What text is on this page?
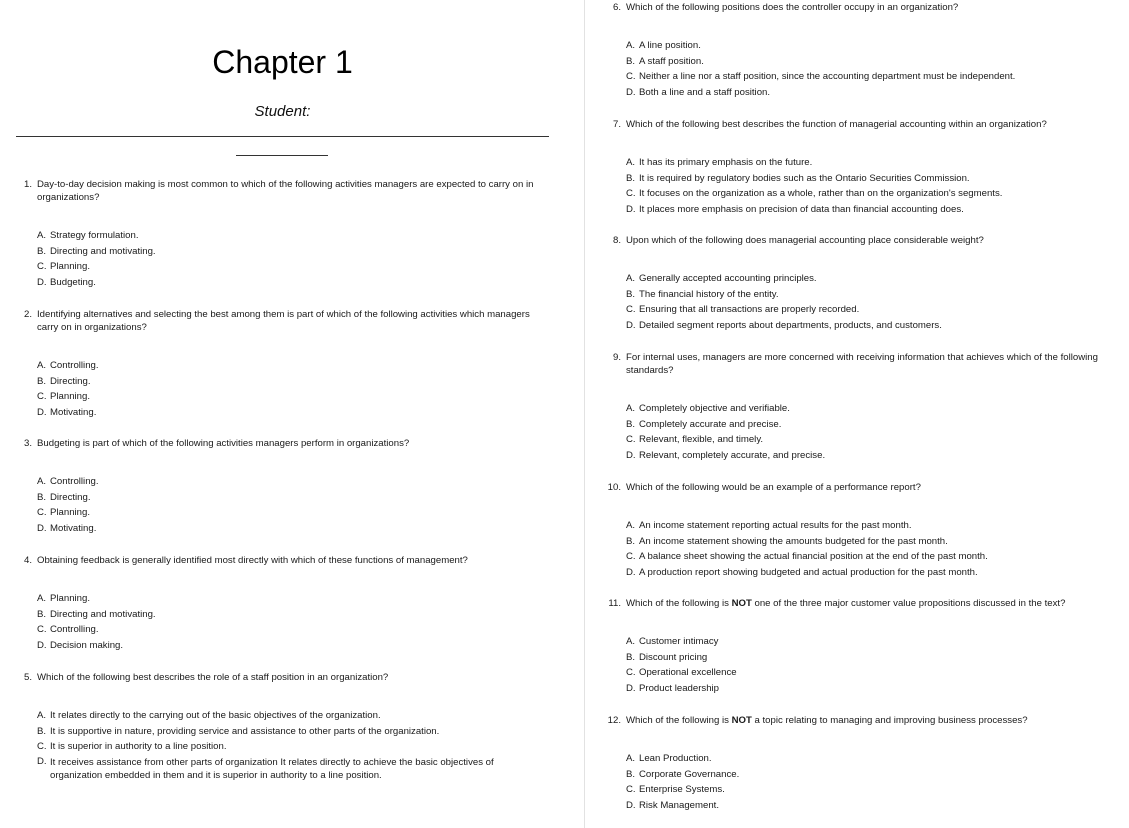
Chapter 1
Student:
1. Day-to-day decision making is most common to which of the following activities managers are expected to carry on in organizations?
A. Strategy formulation.
B. Directing and motivating.
C. Planning.
D. Budgeting.
2. Identifying alternatives and selecting the best among them is part of which of the following activities which managers carry on in organizations?
A. Controlling.
B. Directing.
C. Planning.
D. Motivating.
3. Budgeting is part of which of the following activities managers perform in organizations?
A. Controlling.
B. Directing.
C. Planning.
D. Motivating.
4. Obtaining feedback is generally identified most directly with which of these functions of management?
A. Planning.
B. Directing and motivating.
C. Controlling.
D. Decision making.
5. Which of the following best describes the role of a staff position in an organization?
A. It relates directly to the carrying out of the basic objectives of the organization.
B. It is supportive in nature, providing service and assistance to other parts of the organization.
C. It is superior in authority to a line position.
D. It receives assistance from other parts of organization It relates directly to achieve the basic objectives of organization embedded in them and it is superior in authority to a line position.
6. Which of the following positions does the controller occupy in an organization?
A. A line position.
B. A staff position.
C. Neither a line nor a staff position, since the accounting department must be independent.
D. Both a line and a staff position.
7. Which of the following best describes the function of managerial accounting within an organization?
A. It has its primary emphasis on the future.
B. It is required by regulatory bodies such as the Ontario Securities Commission.
C. It focuses on the organization as a whole, rather than on the organization's segments.
D. It places more emphasis on precision of data than financial accounting does.
8. Upon which of the following does managerial accounting place considerable weight?
A. Generally accepted accounting principles.
B. The financial history of the entity.
C. Ensuring that all transactions are properly recorded.
D. Detailed segment reports about departments, products, and customers.
9. For internal uses, managers are more concerned with receiving information that achieves which of the following standards?
A. Completely objective and verifiable.
B. Completely accurate and precise.
C. Relevant, flexible, and timely.
D. Relevant, completely accurate, and precise.
10. Which of the following would be an example of a performance report?
A. An income statement reporting actual results for the past month.
B. An income statement showing the amounts budgeted for the past month.
C. A balance sheet showing the actual financial position at the end of the past month.
D. A production report showing budgeted and actual production for the past month.
11. Which of the following is NOT one of the three major customer value propositions discussed in the text?
A. Customer intimacy
B. Discount pricing
C. Operational excellence
D. Product leadership
12. Which of the following is NOT a topic relating to managing and improving business processes?
A. Lean Production.
B. Corporate Governance.
C. Enterprise Systems.
D. Risk Management.
